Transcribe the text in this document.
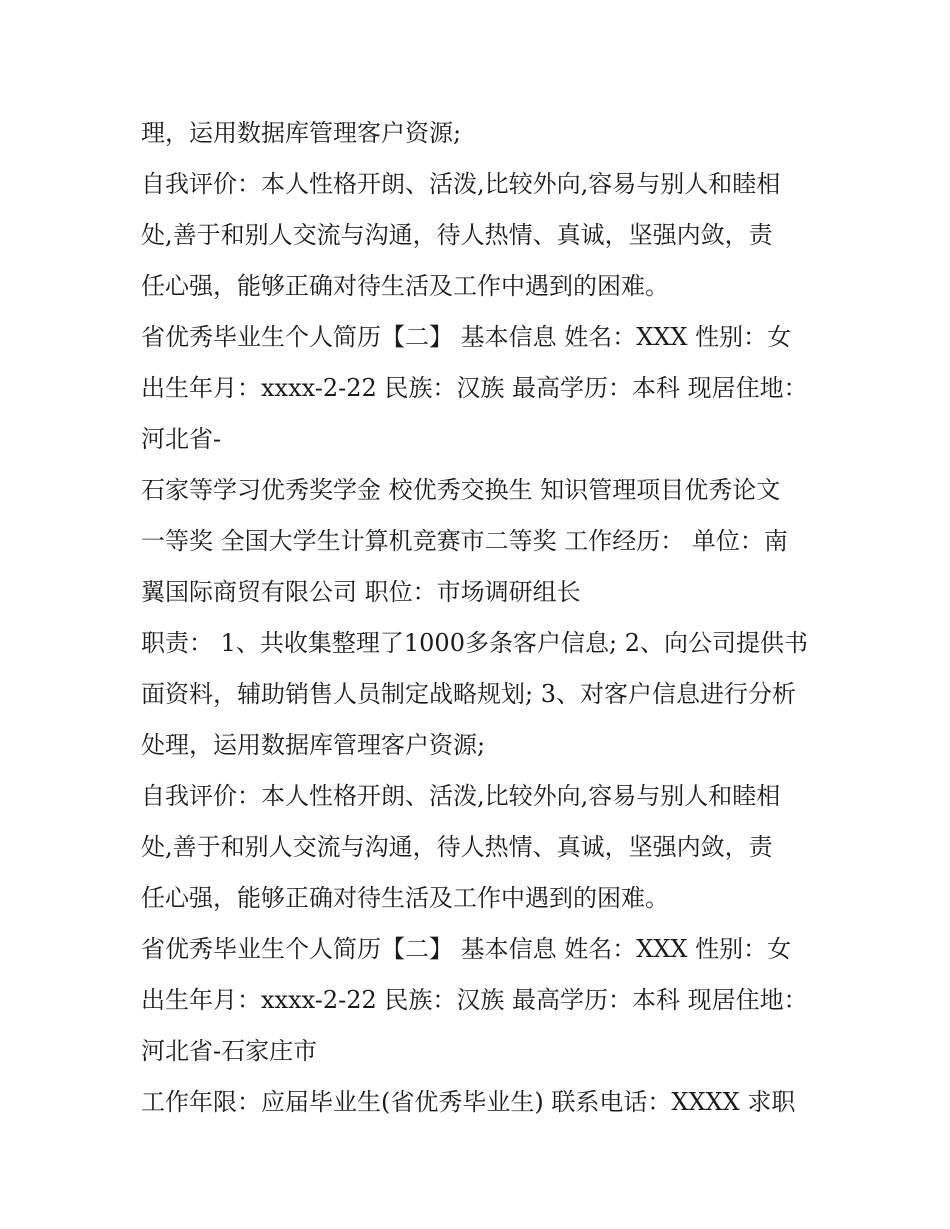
理，运用数据库管理客户资源;
自我评价：本人性格开朗、活泼,比较外向,容易与别人和睦相
处,善于和别人交流与沟通，待人热情、真诚，坚强内敛，责
任心强，能够正确对待生活及工作中遇到的困难。
省优秀毕业生个人简历【二】 基本信息 姓名：XXX 性别：女
出生年月：xxxx-2-22 民族：汉族 最高学历：本科 现居住地：
河北省-
石家等学习优秀奖学金 校优秀交换生 知识管理项目优秀论文
一等奖 全国大学生计算机竞赛市二等奖 工作经历： 单位：南
翼国际商贸有限公司 职位：市场调研组长
职责： 1、共收集整理了1000多条客户信息; 2、向公司提供书
面资料，辅助销售人员制定战略规划; 3、对客户信息进行分析
处理，运用数据库管理客户资源;
自我评价：本人性格开朗、活泼,比较外向,容易与别人和睦相
处,善于和别人交流与沟通，待人热情、真诚，坚强内敛，责
任心强，能够正确对待生活及工作中遇到的困难。
省优秀毕业生个人简历【二】 基本信息 姓名：XXX 性别：女
出生年月：xxxx-2-22 民族：汉族 最高学历：本科 现居住地：
河北省-石家庄市
工作年限：应届毕业生(省优秀毕业生) 联系电话：XXXX 求职
